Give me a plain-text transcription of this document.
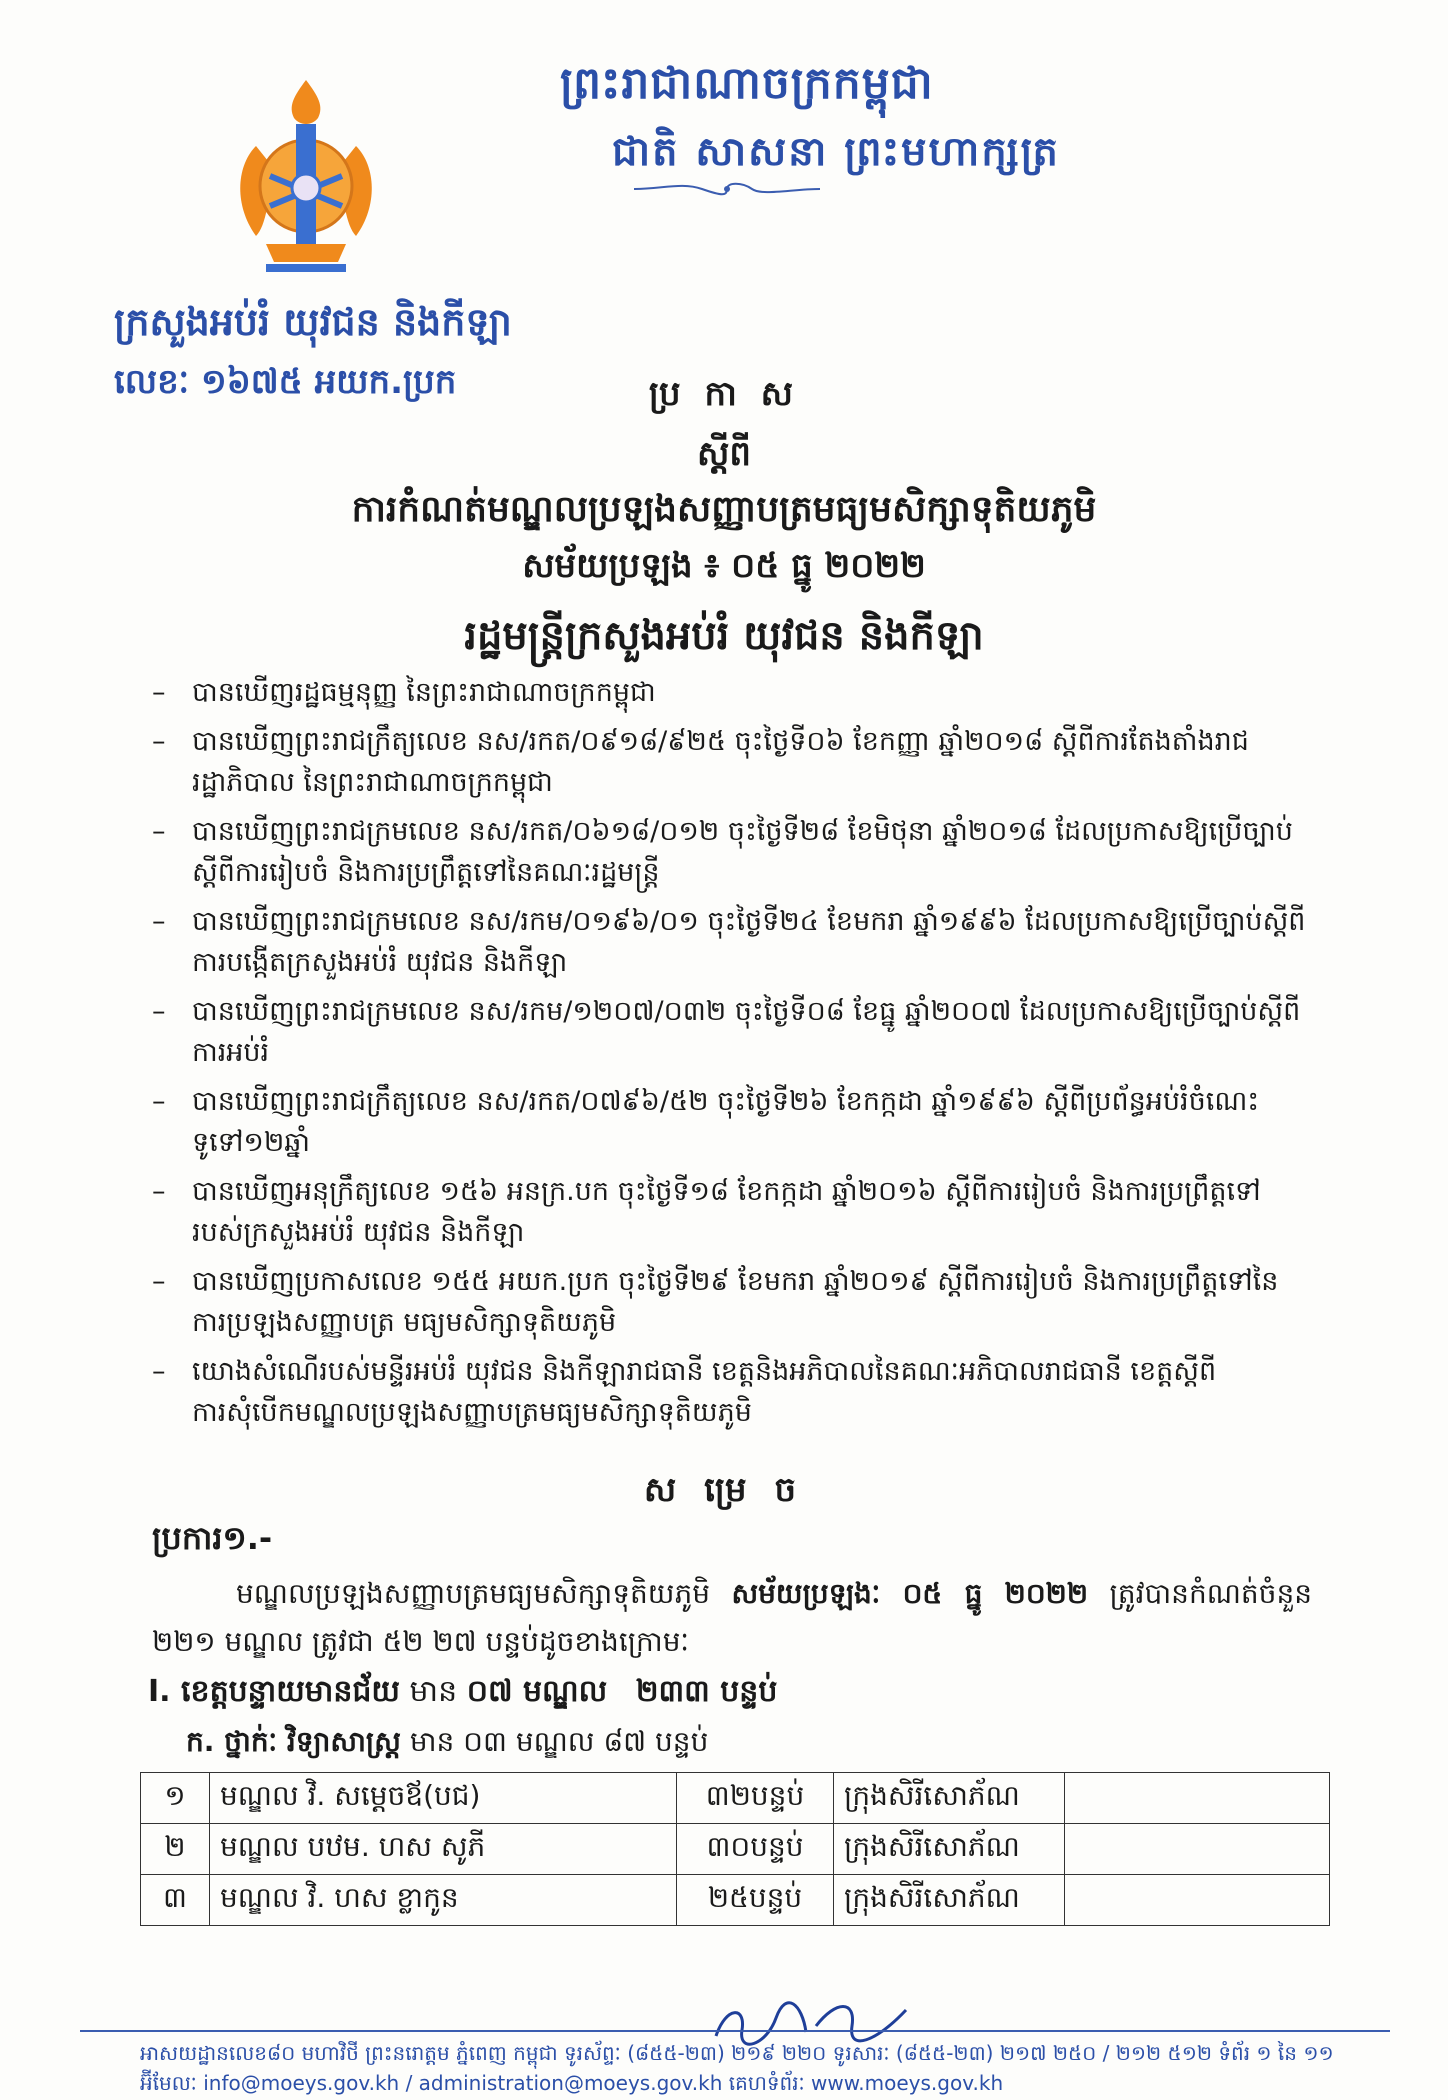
ព្រះរាជាណាចក្រកម្ពុជា
ជាតិ សាសនា ព្រះមហាក្សត្រ
ក្រសួងអប់រំ យុវជន និងកីឡា
លេខៈ ១៦៧៥ អយក.ប្រក	ប្រ កា ស
ស្ដីពី
ការកំណត់មណ្ឌលប្រឡងសញ្ញាបត្រមធ្យមសិក្សាទុតិយភូមិ
សម័យប្រឡង ៖ ០៥ ធ្នូ ២០២២
រដ្ឋមន្ត្រីក្រសួងអប់រំ យុវជន និងកីឡា
– បានឃើញរដ្ឋធម្មនុញ្ញ នៃព្រះរាជាណាចក្រកម្ពុជា
– បានឃើញព្រះរាជក្រឹត្យលេខ នស/រកត/០៩១៨/៩២៥ ចុះថ្ងៃទី០៦ ខែកញ្ញា ឆ្នាំ២០១៨ ស្ដីពីការតែងតាំងរាជរដ្ឋាភិបាល នៃព្រះរាជាណាចក្រកម្ពុជា
– បានឃើញព្រះរាជក្រមលេខ នស/រកត/០៦១៨/០១២ ចុះថ្ងៃទី២៨ ខែមិថុនា ឆ្នាំ២០១៨ ដែលប្រកាសឱ្យប្រើច្បាប់ស្ដីពីការរៀបចំ និងការប្រព្រឹត្តទៅនៃគណៈរដ្ឋមន្ត្រី
– បានឃើញព្រះរាជក្រមលេខ នស/រកម/០១៩៦/០១ ចុះថ្ងៃទី២៤ ខែមករា ឆ្នាំ១៩៩៦ ដែលប្រកាសឱ្យប្រើច្បាប់ស្ដីពីការបង្កើតក្រសួងអប់រំ យុវជន និងកីឡា
– បានឃើញព្រះរាជក្រមលេខ នស/រកម/១២០៧/០៣២ ចុះថ្ងៃទី០៨ ខែធ្នូ ឆ្នាំ២០០៧ ដែលប្រកាសឱ្យប្រើច្បាប់ស្ដីពីការអប់រំ
– បានឃើញព្រះរាជក្រឹត្យលេខ នស/រកត/០៧៩៦/៥២ ចុះថ្ងៃទី២៦ ខែកក្កដា ឆ្នាំ១៩៩៦ ស្ដីពីប្រព័ន្ធអប់រំចំណេះទូទៅ១២ឆ្នាំ
– បានឃើញអនុក្រឹត្យលេខ ១៥៦ អនក្រ.បក ចុះថ្ងៃទី១៨ ខែកក្កដា ឆ្នាំ២០១៦ ស្ដីពីការរៀបចំ និងការប្រព្រឹត្តទៅរបស់ក្រសួងអប់រំ យុវជន និងកីឡា
– បានឃើញប្រកាសលេខ ១៥៥ អយក.ប្រក ចុះថ្ងៃទី២៩ ខែមករា ឆ្នាំ២០១៩ ស្ដីពីការរៀបចំ និងការប្រព្រឹត្តទៅនៃការប្រឡងសញ្ញាបត្រ មធ្យមសិក្សាទុតិយភូមិ
– យោងសំណើរបស់មន្ទីរអប់រំ យុវជន និងកីឡារាជធានី ខេត្តនិងអភិបាលនៃគណៈអភិបាលរាជធានី ខេត្តស្ដីពីការសុំបើកមណ្ឌលប្រឡងសញ្ញាបត្រមធ្យមសិក្សាទុតិយភូមិ
ស ម្រេ ច
ប្រការ១.-
មណ្ឌលប្រឡងសញ្ញាបត្រមធ្យមសិក្សាទុតិយភូមិ សម័យប្រឡងៈ ០៥ ធ្នូ ២០២២ ត្រូវបានកំណត់ចំនួន ២២១ មណ្ឌល ត្រូវជា ៥២ ២៧ បន្ទប់ដូចខាងក្រោមៈ
I. ខេត្តបន្ទាយមានជ័យ មាន ០៧ មណ្ឌល ២៣៣ បន្ទប់
ក. ថ្នាក់ៈ វិទ្យាសាស្ត្រ មាន ០៣ មណ្ឌល ៨៧ បន្ទប់
១	មណ្ឌល វិ. សម្ដេចឪ(បជ)	៣២បន្ទប់	ក្រុងសិរីសោភ័ណ	
២	មណ្ឌល បឋម. ហស សូភី	៣០បន្ទប់	ក្រុងសិរីសោភ័ណ	
៣	មណ្ឌល វិ. ហស ខ្លាកូន	២៥បន្ទប់	ក្រុងសិរីសោភ័ណ	
អាសយដ្ឋានលេខ៨០ មហាវិថី ព្រះនរោត្តម ភ្នំពេញ កម្ពុជា ទូរស័ព្ទៈ (៨៥៥-២៣) ២១៩ ២២០ ទូរសារៈ (៨៥៥-២៣) ២១៧ ២៥០ / ២១២ ៥១២ ទំព័រ ១ នៃ ១១
អ៊ីមែលៈ info@moeys.gov.kh / administration@moeys.gov.kh គេហទំព័រៈ www.moeys.gov.kh
